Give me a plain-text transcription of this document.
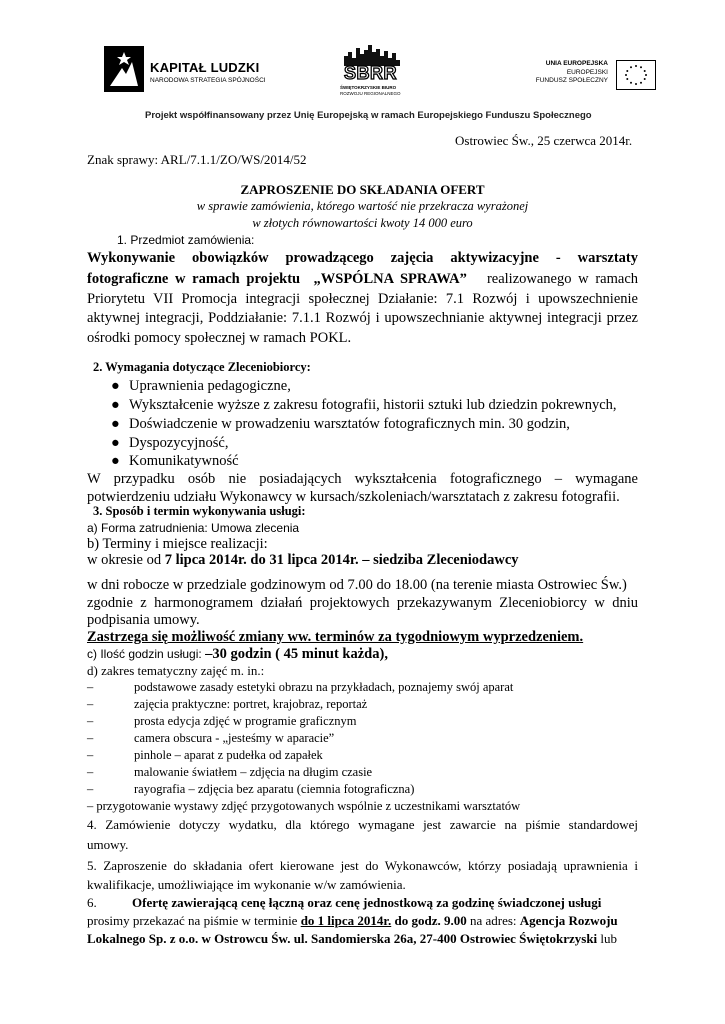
KAPITAŁ LUDZKI
NARODOWA STRATEGIA SPÓJNOŚCI	SBRR
ŚWIĘTOKRZYSKIE BIURO
ROZWOJU REGIONALNEGO
UNIA EUROPEJSKA
EUROPEJSKI
FUNDUSZ SPOŁECZNY
Projekt współfinansowany przez Unię Europejską w ramach Europejskiego Funduszu Społecznego
Ostrowiec Św., 25 czerwca 2014r.
Znak sprawy: ARL/7.1.1/ZO/WS/2014/52
ZAPROSZENIE DO SKŁADANIA OFERT
w sprawie zamówienia, którego wartość nie przekracza wyrażonej
w złotych równowartości kwoty 14 000 euro
1. Przedmiot zamówienia:
Wykonywanie obowiązków prowadzącego zajęcia aktywizacyjne - warsztaty
fotograficzne w ramach projektu „WSPÓLNA SPRAWA” realizowanego w ramach
Priorytetu VII Promocja integracji społecznej Działanie: 7.1 Rozwój i upowszechnienie
aktywnej integracji, Poddziałanie: 7.1.1 Rozwój i upowszechnianie aktywnej integracji przez
ośrodki pomocy społecznej w ramach POKL.
2. Wymagania dotyczące Zleceniobiorcy:
● Uprawnienia pedagogiczne,
● Wykształcenie wyższe z zakresu fotografii, historii sztuki lub dziedzin pokrewnych,
● Doświadczenie w prowadzeniu warsztatów fotograficznych min. 30 godzin,
● Dyspozycyjność,
● Komunikatywność
W przypadku osób nie posiadających wykształcenia fotograficznego – wymagane
potwierdzeniu udziału Wykonawcy w kursach/szkoleniach/warsztatach z zakresu fotografii.
3. Sposób i termin wykonywania usługi:
a) Forma zatrudnienia: Umowa zlecenia
b) Terminy i miejsce realizacji:
w okresie od 7 lipca 2014r. do 31 lipca 2014r. – siedziba Zleceniodawcy
w dni robocze w przedziale godzinowym od 7.00 do 18.00 (na terenie miasta Ostrowiec Św.)
zgodnie z harmonogramem działań projektowych przekazywanym Zleceniobiorcy w dniu
podpisania umowy.
Zastrzega się możliwość zmiany ww. terminów za tygodniowym wyprzedzeniem.
c) Ilość godzin usługi: –30 godzin ( 45 minut każda),
d) zakres tematyczny zajęć m. in.:
–	podstawowe zasady estetyki obrazu na przykładach, poznajemy swój aparat
–	zajęcia praktyczne: portret, krajobraz, reportaż
–	prosta edycja zdjęć w programie graficznym
–	camera obscura - „jesteśmy w aparacie”
–	pinhole – aparat z pudełka od zapałek
–	malowanie światłem – zdjęcia na długim czasie
–	rayografia – zdjęcia bez aparatu (ciemnia fotograficzna)
– przygotowanie wystawy zdjęć przygotowanych wspólnie z uczestnikami warsztatów
4. Zamówienie dotyczy wydatku, dla którego wymagane jest zawarcie na piśmie standardowej
umowy.
5. Zaproszenie do składania ofert kierowane jest do Wykonawców, którzy posiadają uprawnienia i
kwalifikacje, umożliwiające im wykonanie w/w zamówienia.
6.	Ofertę zawierającą cenę łączną oraz cenę jednostkową za godzinę świadczonej usługi
prosimy przekazać na piśmie w terminie do 1 lipca 2014r. do godz. 9.00 na adres: Agencja Rozwoju
Lokalnego Sp. z o.o. w Ostrowcu Św. ul. Sandomierska 26a, 27-400 Ostrowiec Świętokrzyski lub
